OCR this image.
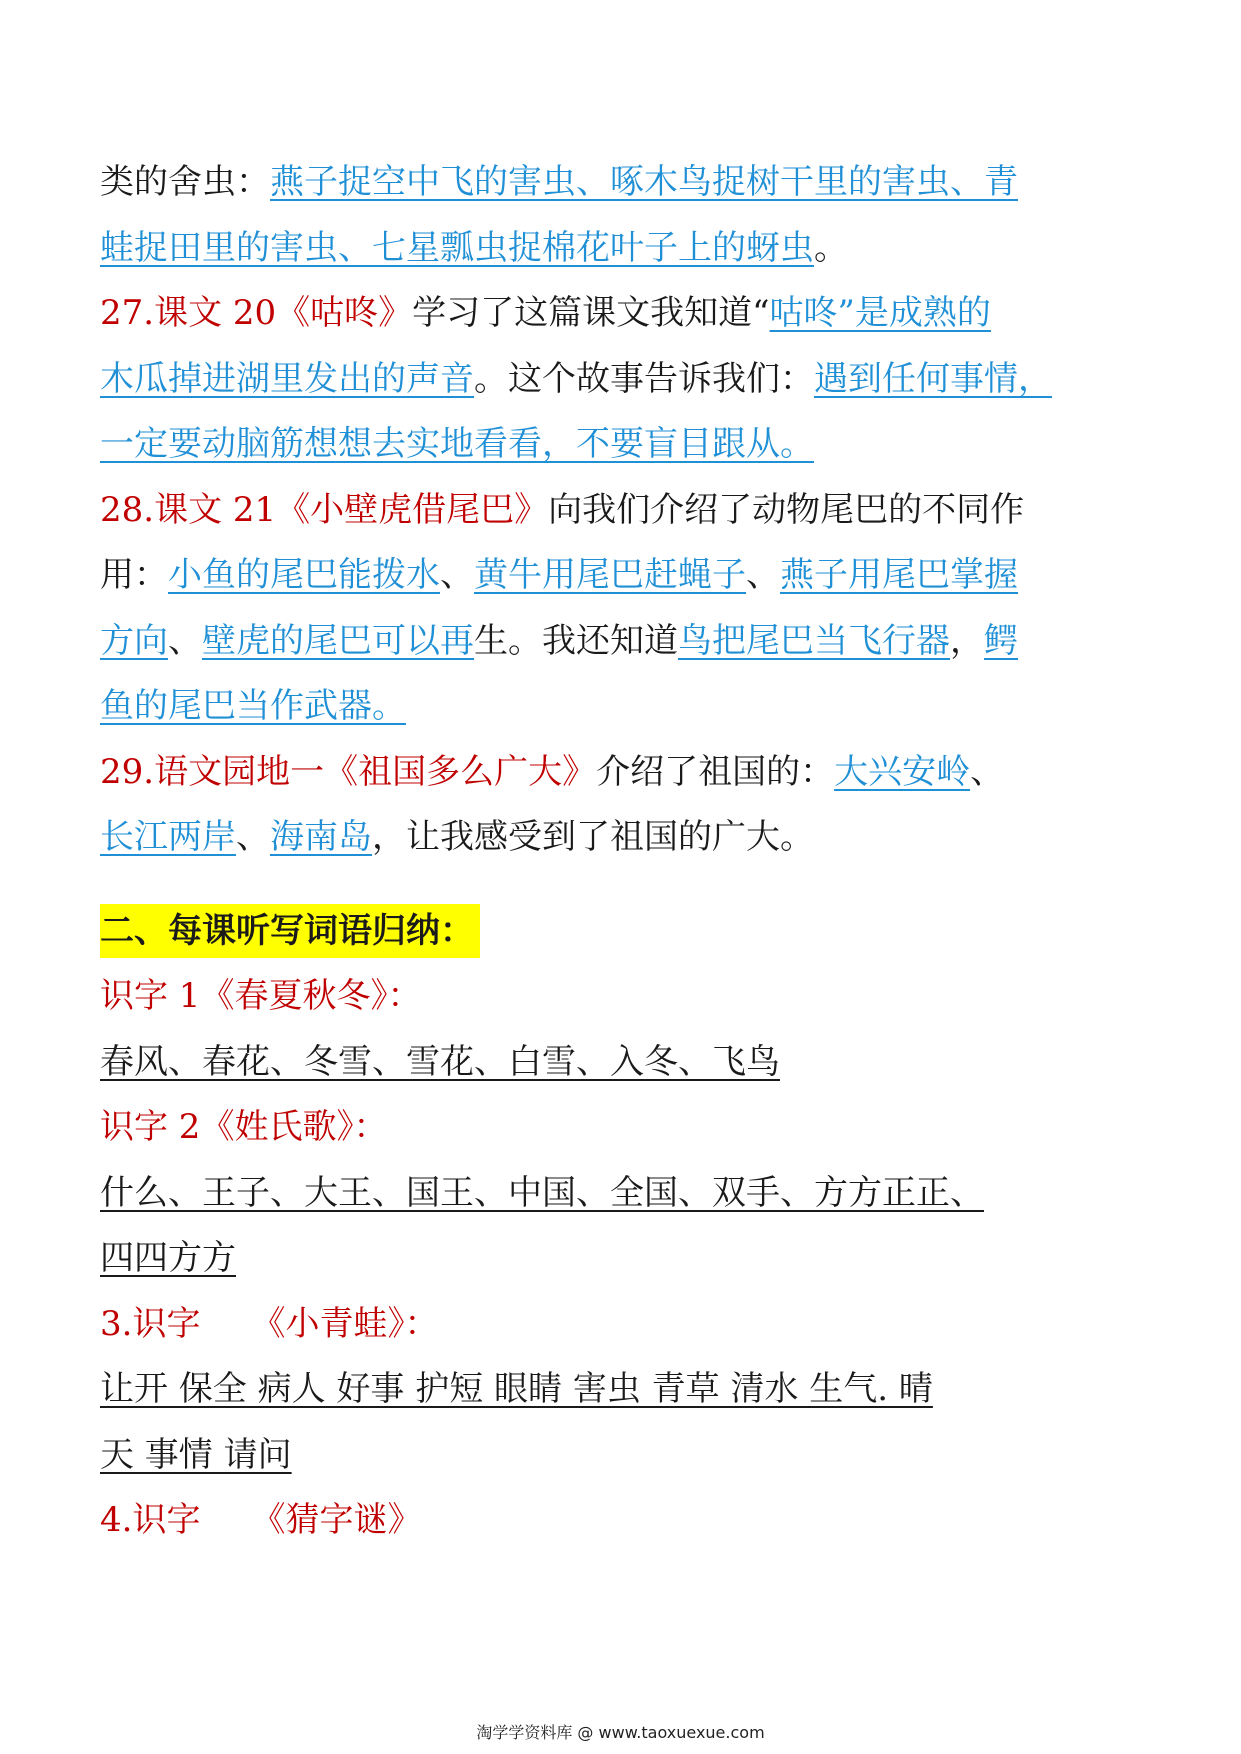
类的舍虫：燕子捉空中飞的害虫、啄木鸟捉树干里的害虫、青
蛙捉田里的害虫、七星瓢虫捉棉花叶子上的蚜虫。
27.课文 20《咕咚》学习了这篇课文我知道“咕咚”是成熟的
木瓜掉进湖里发出的声音。这个故事告诉我们：遇到任何事情，
一定要动脑筋想想去实地看看，不要盲目跟从。
28.课文 21《小壁虎借尾巴》向我们介绍了动物尾巴的不同作
用：小鱼的尾巴能拨水、黄牛用尾巴赶蝇子、燕子用尾巴掌握
方向、壁虎的尾巴可以再生。我还知道鸟把尾巴当飞行器，鳄
鱼的尾巴当作武器。
29.语文园地一《祖国多么广大》介绍了祖国的：大兴安岭、
长江两岸、海南岛，让我感受到了祖国的广大。
二、每课听写词语归纳：
识字 1《春夏秋冬》：
春风、春花、冬雪、雪花、白雪、入冬、飞鸟
识字 2《姓氏歌》：
什么、王子、大王、国王、中国、全国、双手、方方正正、
四四方方
3.识字　　《小青蛙》：
让开 保全 病人 好事 护短 眼睛 害虫 青草 清水 生气. 晴
天 事情 请问
4.识字　　《猜字谜》
淘学学资料库 @ www.taoxuexue.com
